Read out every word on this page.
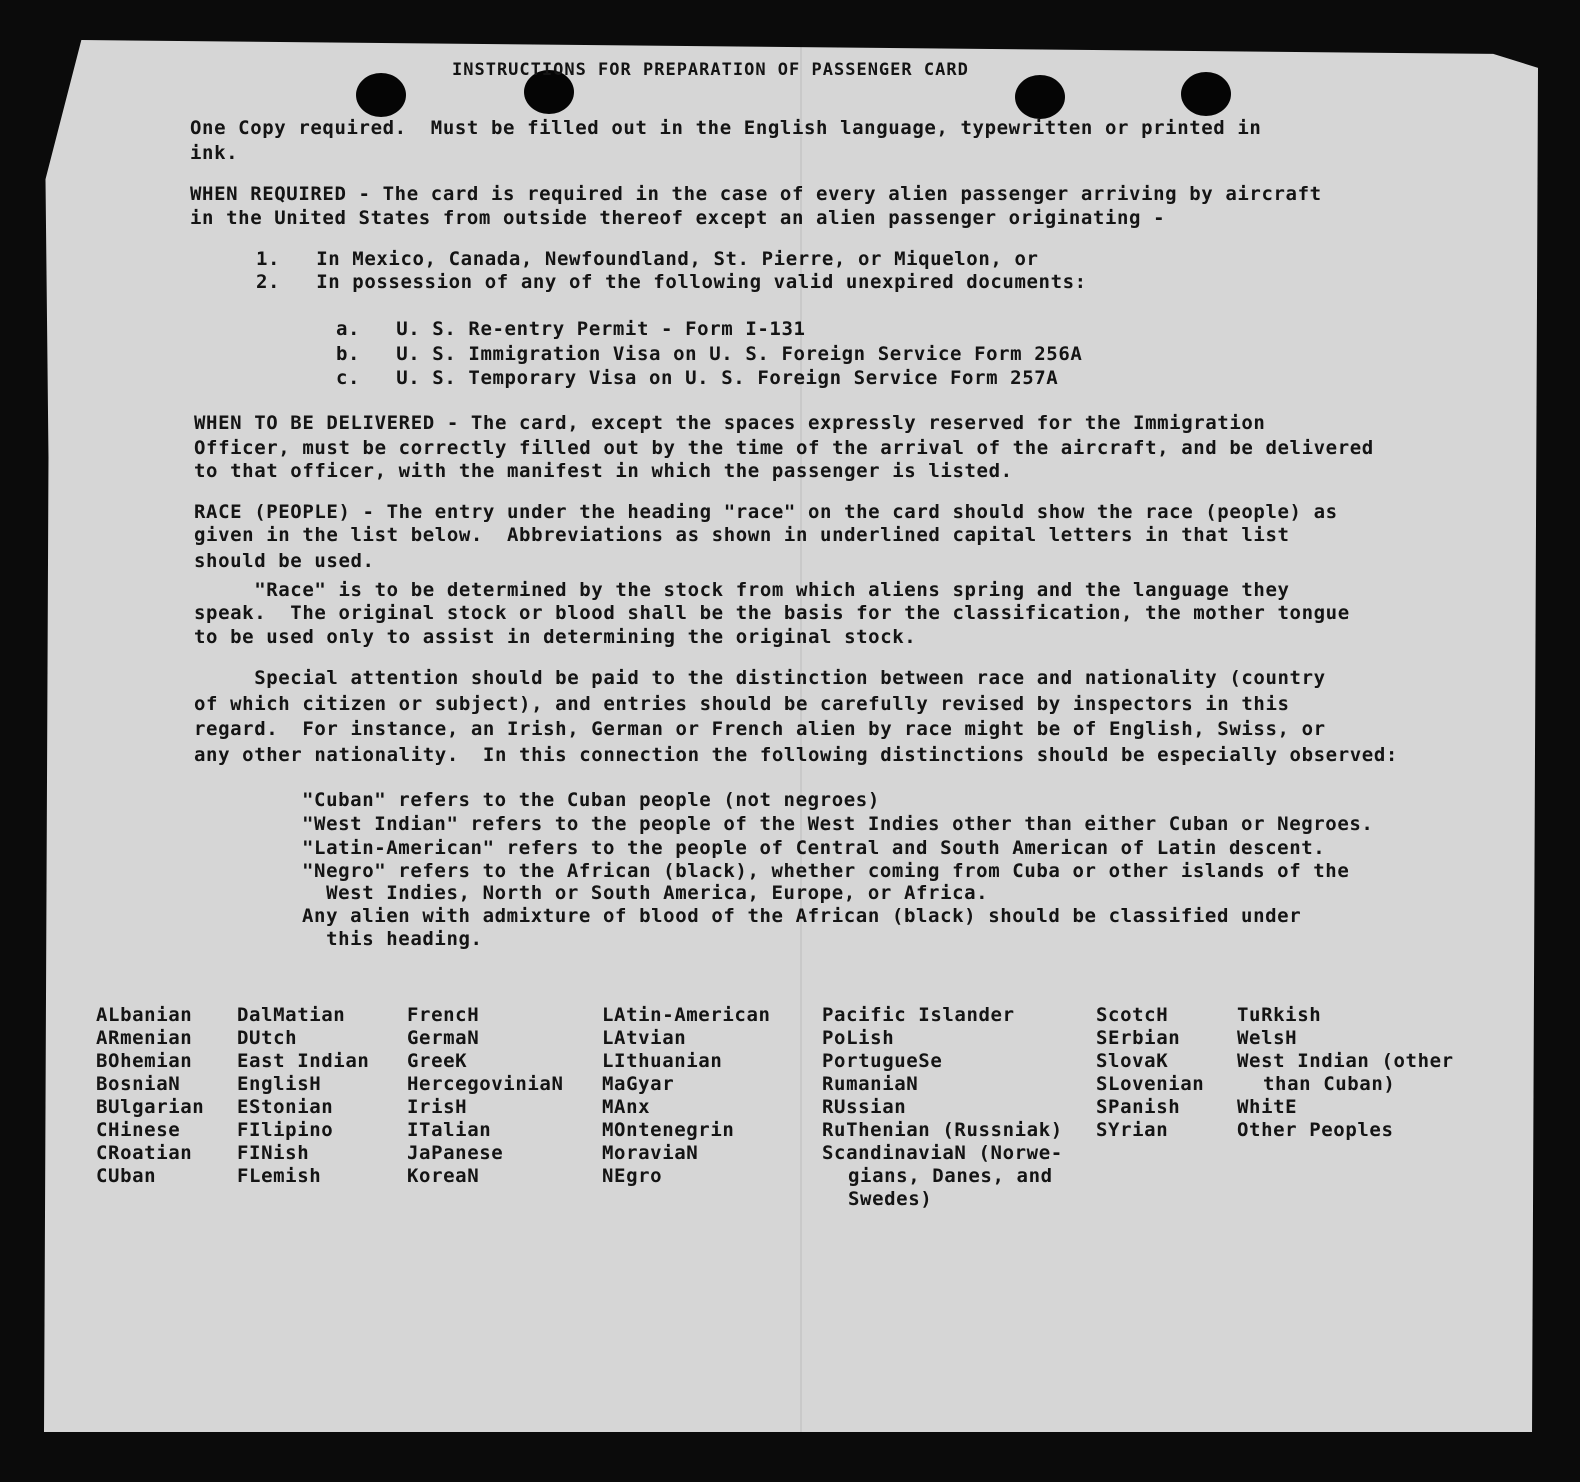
INSTRUCTIONS FOR PREPARATION OF PASSENGER CARD

One Copy required.  Must be filled out in the English language, typewritten or printed in

ink.

WHEN REQUIRED - The card is required in the case of every alien passenger arriving by aircraft

in the United States from outside thereof except an alien passenger originating -

1.   In Mexico, Canada, Newfoundland, St. Pierre, or Miquelon, or

2.   In possession of any of the following valid unexpired documents:

a.   U. S. Re-entry Permit - Form I-131

b.   U. S. Immigration Visa on U. S. Foreign Service Form 256A

c.   U. S. Temporary Visa on U. S. Foreign Service Form 257A

WHEN TO BE DELIVERED - The card, except the spaces expressly reserved for the Immigration

Officer, must be correctly filled out by the time of the arrival of the aircraft, and be delivered

to that officer, with the manifest in which the passenger is listed.

RACE (PEOPLE) - The entry under the heading "race" on the card should show the race (people) as

given in the list below.  Abbreviations as shown in underlined capital letters in that list

should be used.

"Race" is to be determined by the stock from which aliens spring and the language they

speak.  The original stock or blood shall be the basis for the classification, the mother tongue

to be used only to assist in determining the original stock.

Special attention should be paid to the distinction between race and nationality (country

of which citizen or subject), and entries should be carefully revised by inspectors in this

regard.  For instance, an Irish, German or French alien by race might be of English, Swiss, or

any other nationality.  In this connection the following distinctions should be especially observed:

"Cuban" refers to the Cuban people (not negroes)

"West Indian" refers to the people of the West Indies other than either Cuban or Negroes.

"Latin-American" refers to the people of Central and South American of Latin descent.

"Negro" refers to the African (black), whether coming from Cuba or other islands of the

West Indies, North or South America, Europe, or Africa.

Any alien with admixture of blood of the African (black) should be classified under

this heading.

ALbanian
ARmenian
BOhemian
BosniaN
BUlgarian
CHinese
CRoatian
CUban
DalMatian
DUtch
East Indian
EnglisH
EStonian
FIlipino
FINish
FLemish
FrencH
GermaN
GreeK
HercegoviniaN
IrisH
ITalian
JaPanese
KoreaN
LAtin-American
LAtvian
LIthuanian
MaGyar
MAnx
MOntenegrin
MoraviaN
NEgro
Pacific Islander
PoLish
PortugueSe
RumaniaN
RUssian
RuThenian (Russniak)
ScandinaviaN (Norwe-
gians, Danes, and
Swedes)
ScotcH
SErbian
SlovaK
SLovenian
SPanish
SYrian
TuRkish
WelsH
West Indian (other
than Cuban)
WhitE
Other Peoples
